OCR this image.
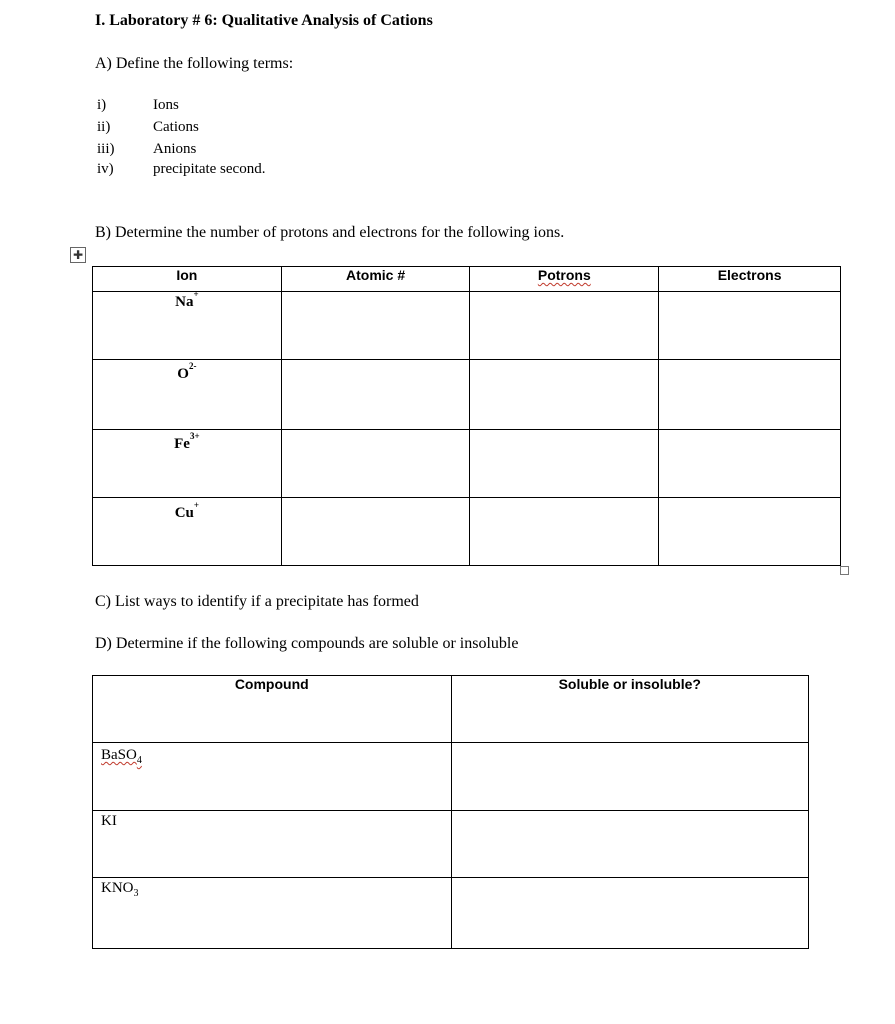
I. Laboratory # 6: Qualitative Analysis of Cations
A) Define the following terms:
i)	Ions
ii)	Cations
iii)	Anions
iv)	precipitate second.
B) Determine the number of protons and electrons for the following ions.
✚
Ion	Atomic #	Potrons	Electrons
Na+			
$O^{2-}$			
$Fe^{3+}$			
Cu+			
C) List ways to identify if a precipitate has formed
D) Determine if the following compounds are soluble or insoluble
Compound	Soluble or insoluble?
BaSO$_4$	
KI	
$KNO_3$	
